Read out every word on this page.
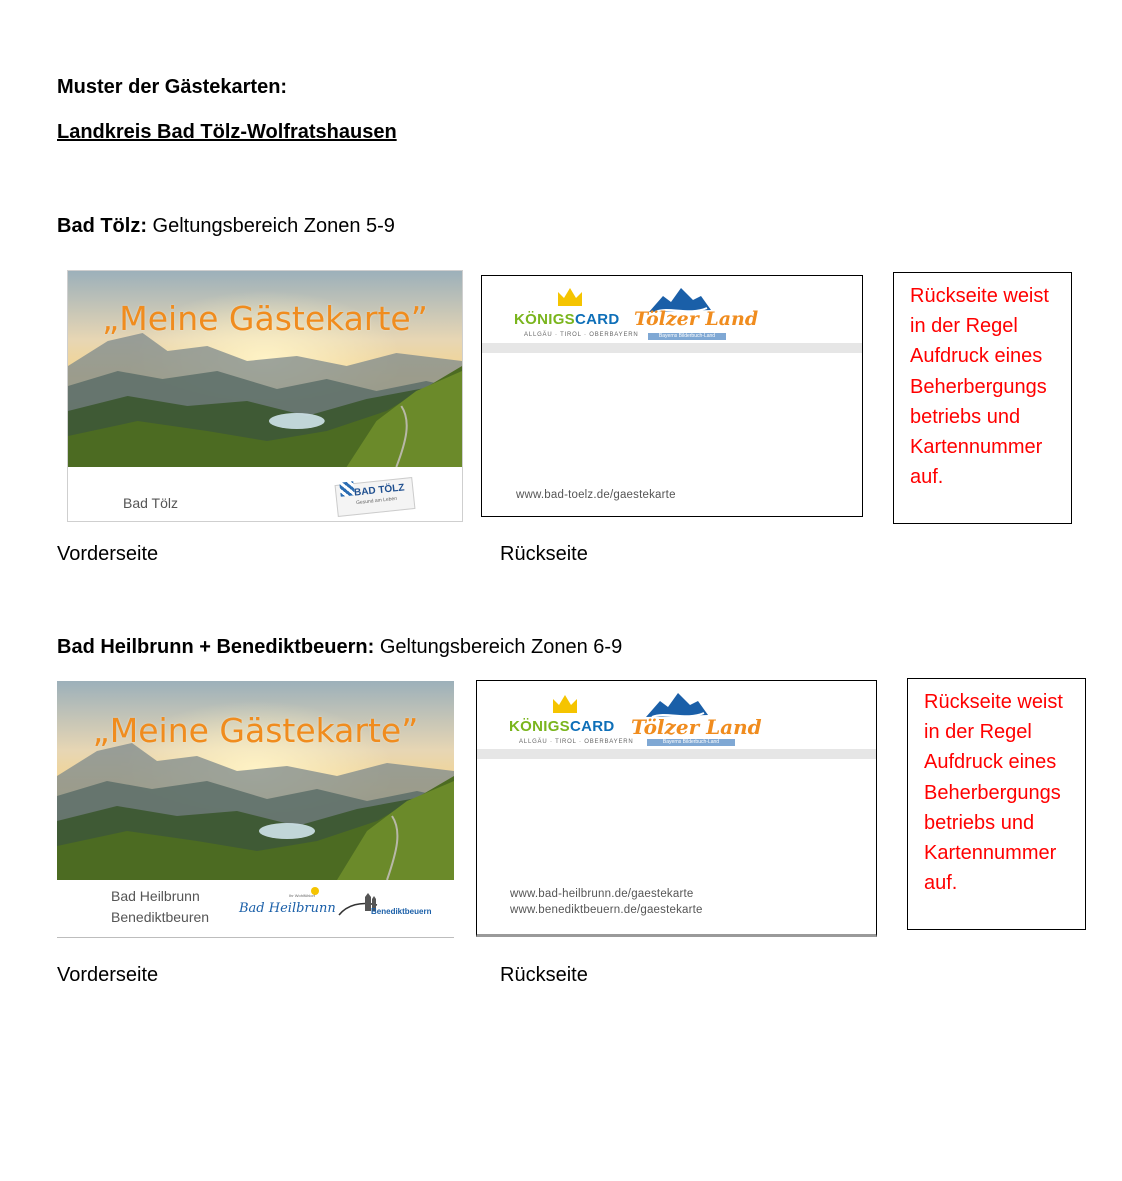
Muster der Gästekarten:
Landkreis Bad Tölz-Wolfratshausen
Bad Tölz: Geltungsbereich Zonen 5-9
„Meine Gästekarte”
Bad Tölz
BAD TÖLZ
Gesund am Leben
KÖNIGSCARD
ALLGÄU · TIROL · OBERBAYERN
Tölzer Land
Bayerns Bilderbuch-Land
www.bad-toelz.de/gaestekarte
Rückseite weist in der Regel Aufdruck eines Beherbergungs betriebs und Kartennummer auf.
Vorderseite	Rückseite
Bad Heilbrunn + Benediktbeuern: Geltungsbereich Zonen 6-9
„Meine Gästekarte”
Bad Heilbrunn
Benediktbeuren
Bad Heilbrunn
Ihr Wohlfühlort
Benediktbeuern
KÖNIGSCARD
ALLGÄU · TIROL · OBERBAYERN
Tölzer Land
Bayerns Bilderbuch-Land
www.bad-heilbrunn.de/gaestekarte
www.benediktbeuern.de/gaestekarte
Rückseite weist in der Regel Aufdruck eines Beherbergungs betriebs und Kartennummer auf.
Vorderseite	Rückseite
